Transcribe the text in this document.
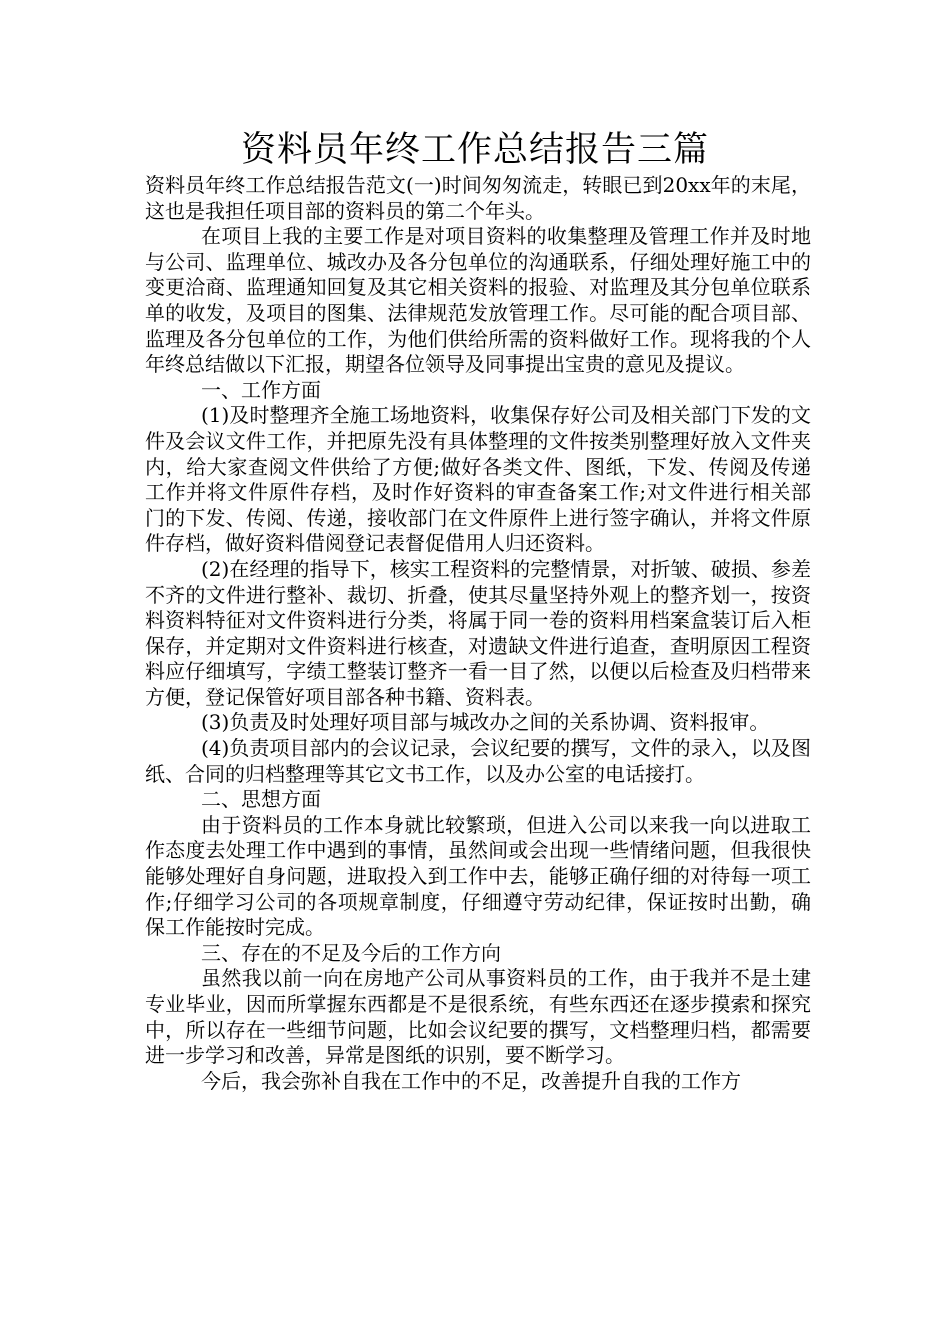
资料员年终工作总结报告三篇

资料员年终工作总结报告范文(一)时间匆匆流走，转眼已到20xx年的末尾，这也是我担任项目部的资料员的第二个年头。

在项目上我的主要工作是对项目资料的收集整理及管理工作并及时地与公司、监理单位、城改办及各分包单位的沟通联系，仔细处理好施工中的变更洽商、监理通知回复及其它相关资料的报验、对监理及其分包单位联系单的收发，及项目的图集、法律规范发放管理工作。尽可能的配合项目部、监理及各分包单位的工作，为他们供给所需的资料做好工作。现将我的个人年终总结做以下汇报，期望各位领导及同事提出宝贵的意见及提议。

一、工作方面

(1)及时整理齐全施工场地资料，收集保存好公司及相关部门下发的文件及会议文件工作，并把原先没有具体整理的文件按类别整理好放入文件夹内，给大家查阅文件供给了方便;做好各类文件、图纸，下发、传阅及传递工作并将文件原件存档，及时作好资料的审查备案工作;对文件进行相关部门的下发、传阅、传递，接收部门在文件原件上进行签字确认，并将文件原件存档，做好资料借阅登记表督促借用人归还资料。

(2)在经理的指导下，核实工程资料的完整情景，对折皱、破损、参差不齐的文件进行整补、裁切、折叠，使其尽量坚持外观上的整齐划一，按资料资料特征对文件资料进行分类，将属于同一卷的资料用档案盒装订后入柜保存，并定期对文件资料进行核查，对遗缺文件进行追查，查明原因工程资料应仔细填写，字绩工整装订整齐一看一目了然，以便以后检查及归档带来方便，登记保管好项目部各种书籍、资料表。

(3)负责及时处理好项目部与城改办之间的关系协调、资料报审。

(4)负责项目部内的会议记录，会议纪要的撰写，文件的录入，以及图纸、合同的归档整理等其它文书工作，以及办公室的电话接打。

二、思想方面

由于资料员的工作本身就比较繁琐，但进入公司以来我一向以进取工作态度去处理工作中遇到的事情，虽然间或会出现一些情绪问题，但我很快能够处理好自身问题，进取投入到工作中去，能够正确仔细的对待每一项工作;仔细学习公司的各项规章制度，仔细遵守劳动纪律，保证按时出勤，确保工作能按时完成。

三、存在的不足及今后的工作方向

虽然我以前一向在房地产公司从事资料员的工作，由于我并不是土建专业毕业，因而所掌握东西都是不是很系统，有些东西还在逐步摸索和探究中，所以存在一些细节问题，比如会议纪要的撰写，文档整理归档，都需要进一步学习和改善，异常是图纸的识别，要不断学习。

今后，我会弥补自我在工作中的不足，改善提升自我的工作方
